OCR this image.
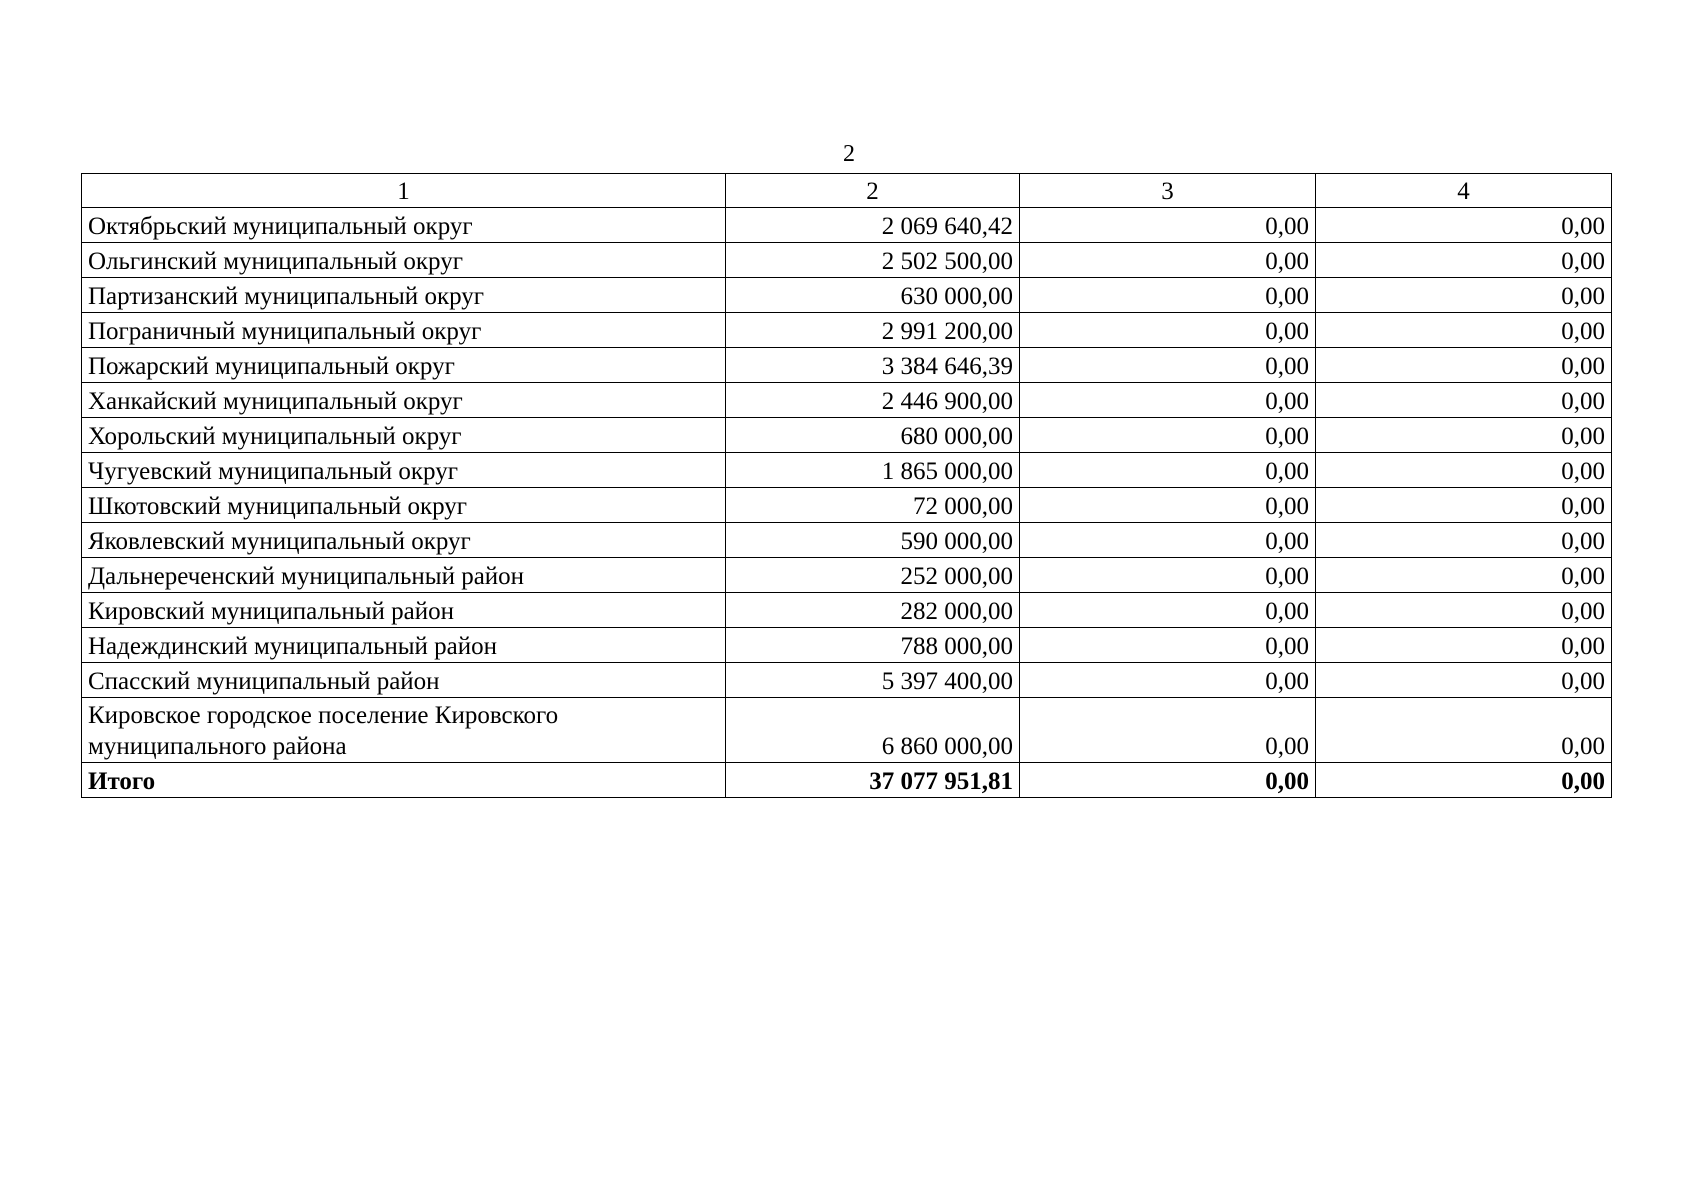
2
1	2	3	4
Октябрьский муниципальный округ	2 069 640,42	0,00	0,00
Ольгинский муниципальный округ	2 502 500,00	0,00	0,00
Партизанский муниципальный округ	630 000,00	0,00	0,00
Пограничный муниципальный округ	2 991 200,00	0,00	0,00
Пожарский муниципальный округ	3 384 646,39	0,00	0,00
Ханкайский муниципальный округ	2 446 900,00	0,00	0,00
Хорольский муниципальный округ	680 000,00	0,00	0,00
Чугуевский муниципальный округ	1 865 000,00	0,00	0,00
Шкотовский муниципальный округ	72 000,00	0,00	0,00
Яковлевский муниципальный округ	590 000,00	0,00	0,00
Дальнереченский муниципальный район	252 000,00	0,00	0,00
Кировский муниципальный район	282 000,00	0,00	0,00
Надеждинский муниципальный район	788 000,00	0,00	0,00
Спасский муниципальный район	5 397 400,00	0,00	0,00
Кировское городское поселение Кировского муниципального района	6 860 000,00	0,00	0,00
Итого	37 077 951,81	0,00	0,00
